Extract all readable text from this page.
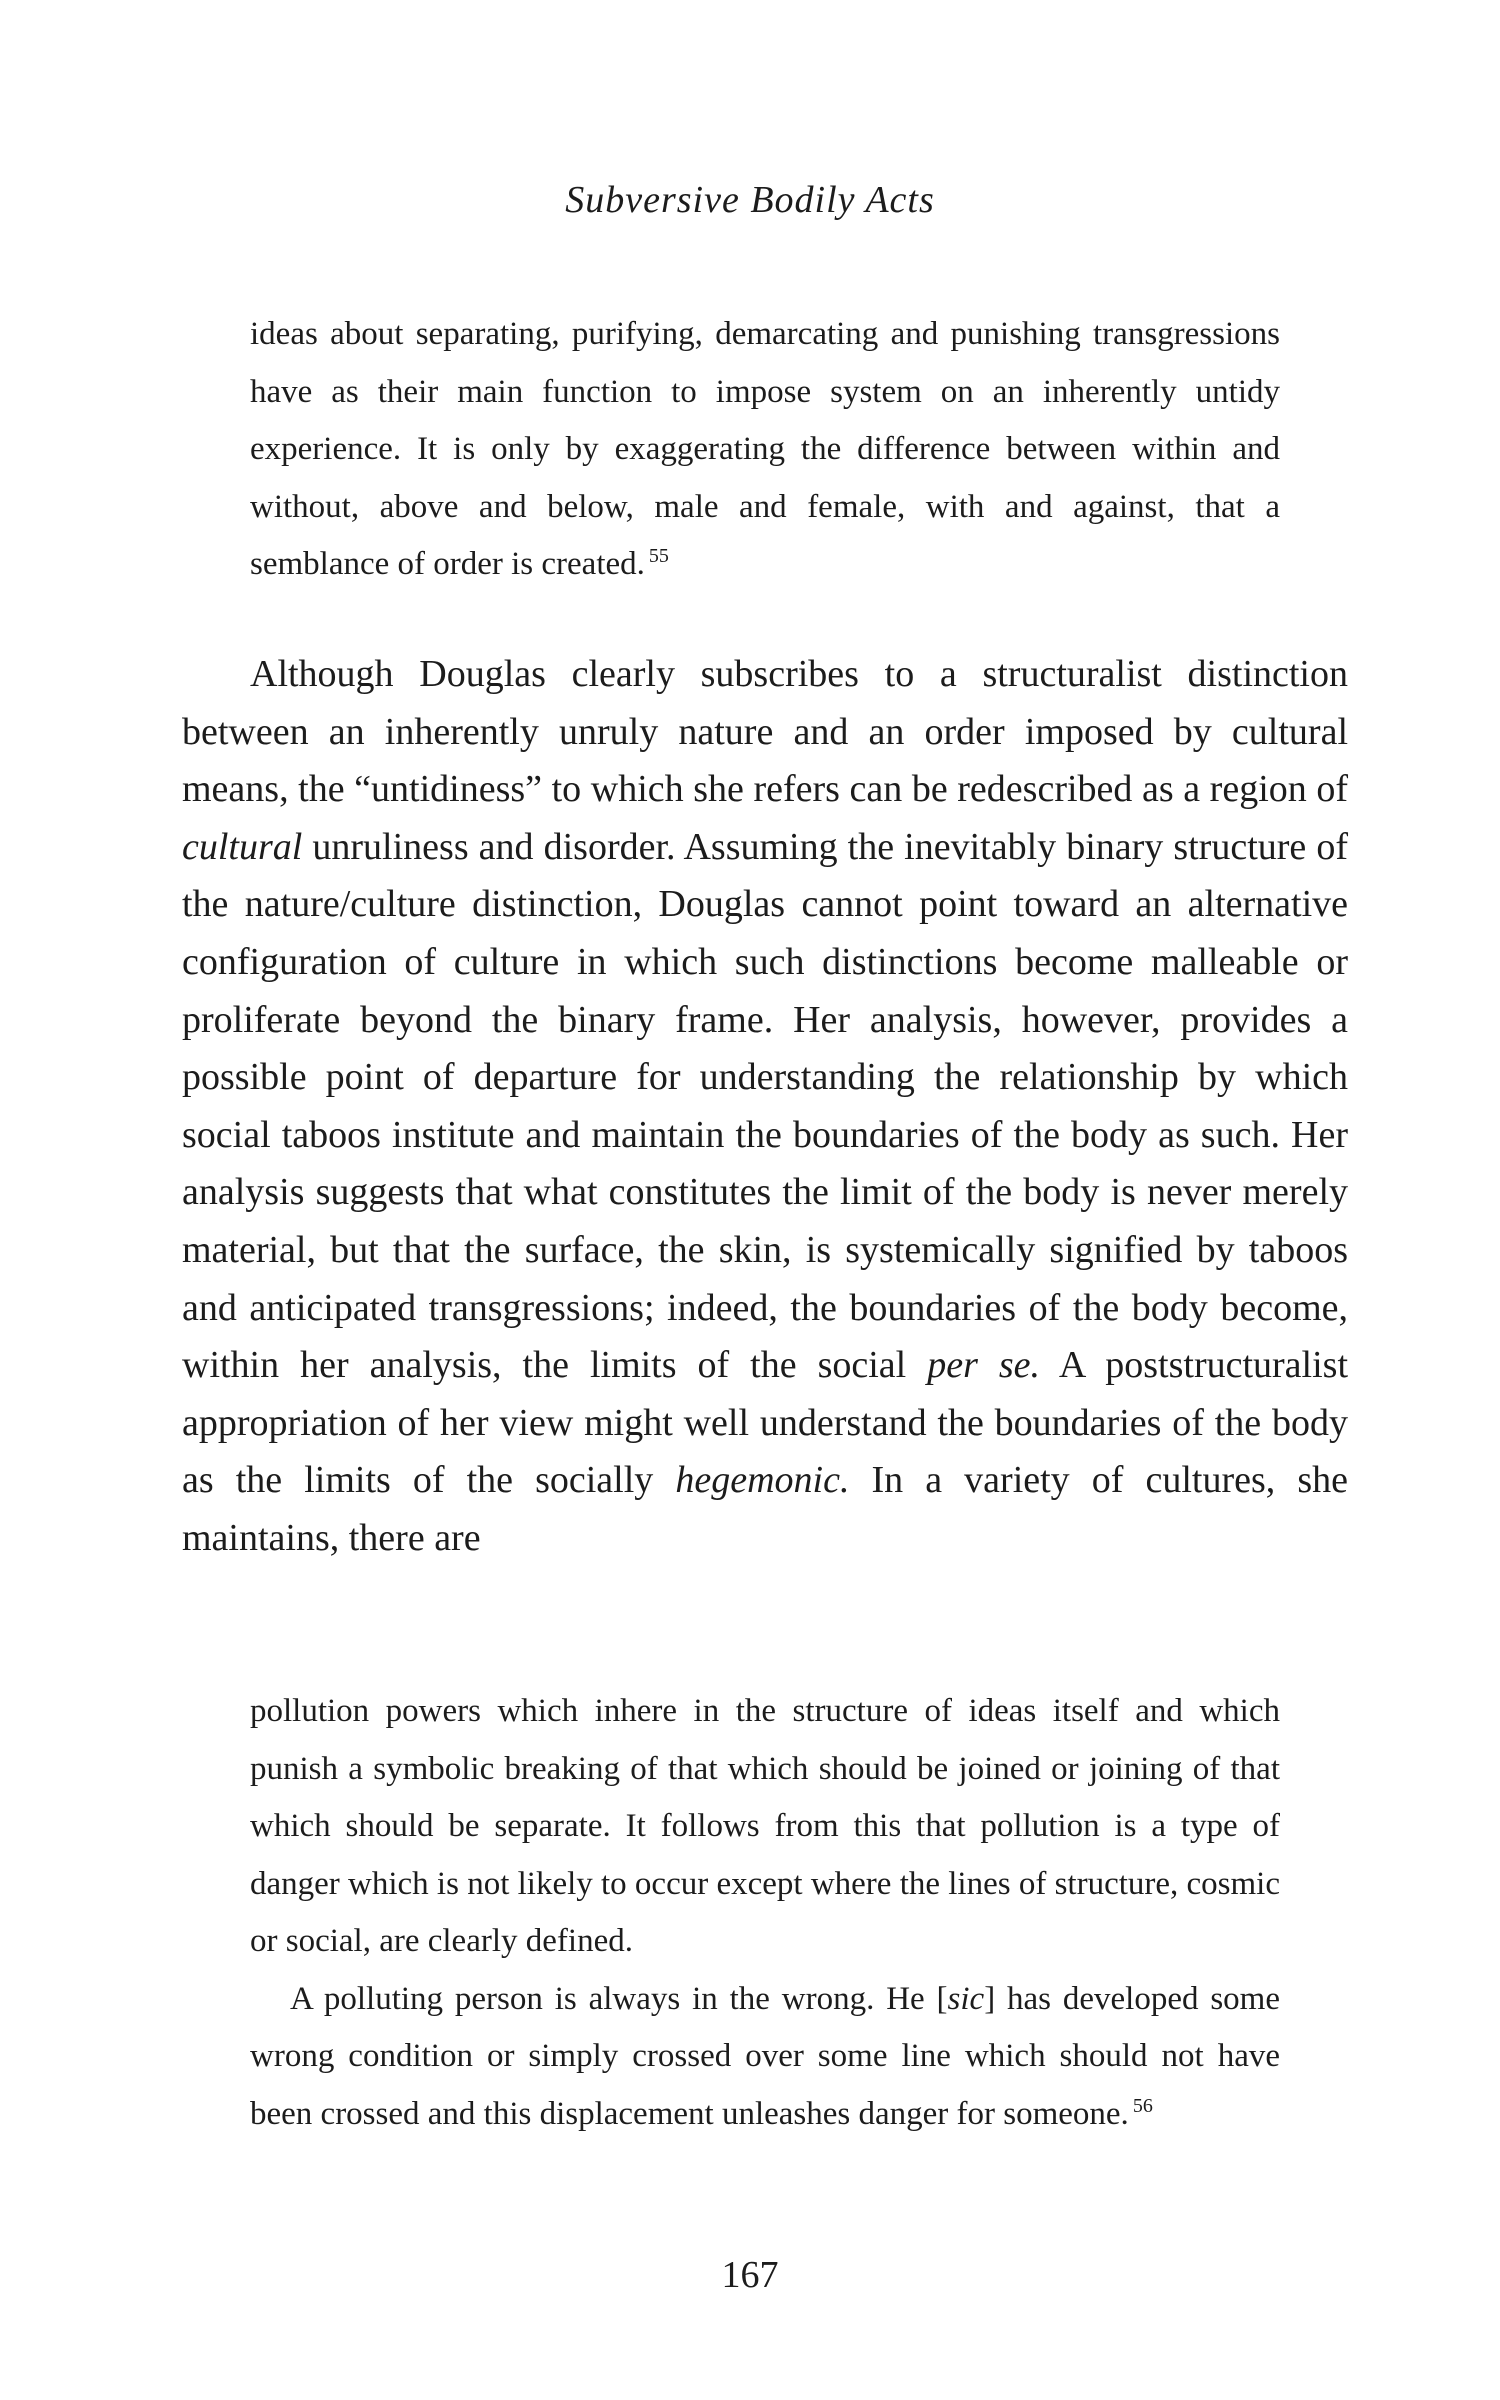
Subversive Bodily Acts

ideas about separating, purifying, demarcating and punishing transgressions have as their main function to impose system on an inherently untidy experience. It is only by exaggerating the difference between within and without, above and below, male and female, with and against, that a semblance of order is created. $^{55}$

Although Douglas clearly subscribes to a structuralist distinction between an inherently unruly nature and an order imposed by cultural means, the “untidiness” to which she refers can be redescribed as a region of cultural unruliness and disorder. Assuming the inevitably binary structure of the nature/culture distinction, Douglas cannot point toward an alternative configuration of culture in which such distinctions become malleable or proliferate beyond the binary frame. Her analysis, however, provides a possible point of departure for understanding the relationship by which social taboos institute and maintain the boundaries of the body as such. Her analysis suggests that what constitutes the limit of the body is never merely material, but that the surface, the skin, is systemically signified by taboos and anticipated transgressions; indeed, the boundaries of the body become, within her analysis, the limits of the social per se. A poststructuralist appropriation of her view might well understand the boundaries of the body as the limits of the socially hegemonic. In a variety of cultures, she maintains, there are

pollution powers which inhere in the structure of ideas itself and which punish a symbolic breaking of that which should be joined or joining of that which should be separate. It follows from this that pollution is a type of danger which is not likely to occur except where the lines of structure, cosmic or social, are clearly defined.

A polluting person is always in the wrong. He [sic] has developed some wrong condition or simply crossed over some line which should not have been crossed and this displacement unleashes danger for someone. $^{56}$

167
